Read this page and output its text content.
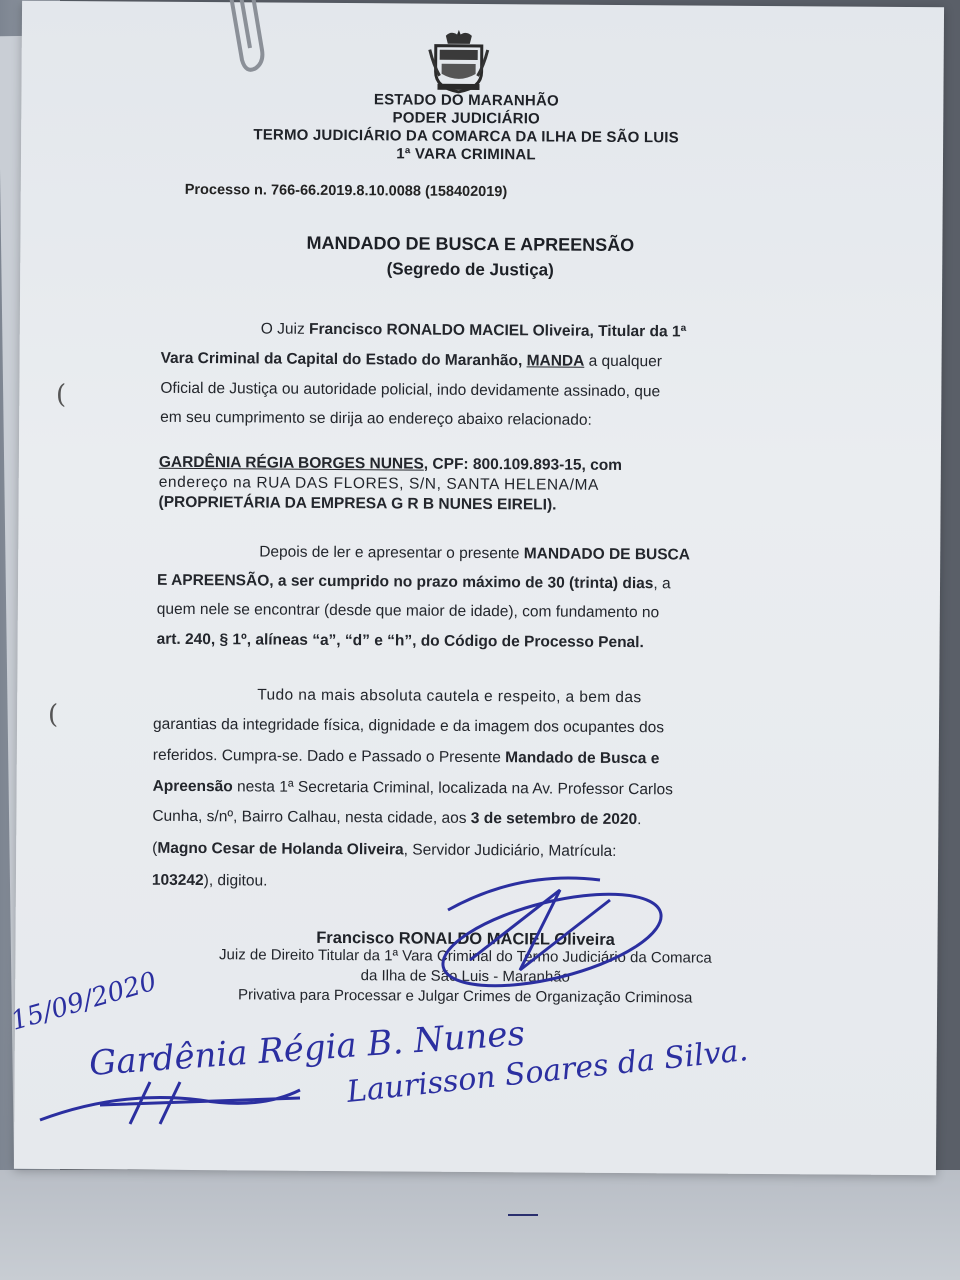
ESTADO DO MARANHÃO
PODER JUDICIÁRIO
TERMO JUDICIÁRIO DA COMARCA DA ILHA DE SÃO LUIS
1ª VARA CRIMINAL
Processo n. 766-66.2019.8.10.0088 (158402019)
MANDADO DE BUSCA E APREENSÃO
(Segredo de Justiça)
O Juiz Francisco RONALDO MACIEL Oliveira, Titular da 1ª
Vara Criminal da Capital do Estado do Maranhão, MANDA a qualquer
Oficial de Justiça ou autoridade policial, indo devidamente assinado, que
em seu cumprimento se dirija ao endereço abaixo relacionado:
GARDÊNIA RÉGIA BORGES NUNES, CPF: 800.109.893-15, com
endereço na RUA DAS FLORES, S/N, SANTA HELENA/MA
(PROPRIETÁRIA DA EMPRESA G R B NUNES EIRELI).
Depois de ler e apresentar o presente MANDADO DE BUSCA
E APREENSÃO, a ser cumprido no prazo máximo de 30 (trinta) dias, a
quem nele se encontrar (desde que maior de idade), com fundamento no
art. 240, § 1º, alíneas “a”, “d” e “h”, do Código de Processo Penal.
Tudo na mais absoluta cautela e respeito, a bem das
garantias da integridade física, dignidade e da imagem dos ocupantes dos
referidos. Cumpra-se. Dado e Passado o Presente Mandado de Busca e
Apreensão nesta 1ª Secretaria Criminal, localizada na Av. Professor Carlos
Cunha, s/nº, Bairro Calhau, nesta cidade, aos 3 de setembro de 2020.
(Magno Cesar de Holanda Oliveira, Servidor Judiciário, Matrícula:
103242), digitou.
Francisco RONALDO MACIEL Oliveira
Juiz de Direito Titular da 1ª Vara Criminal do Termo Judiciário da Comarca
da Ilha de São Luis - Maranhão
Privativa para Processar e Julgar Crimes de Organização Criminosa
(
(
15/09/2020
Gardênia Régia B. Nunes
Laurisson Soares da Silva.
